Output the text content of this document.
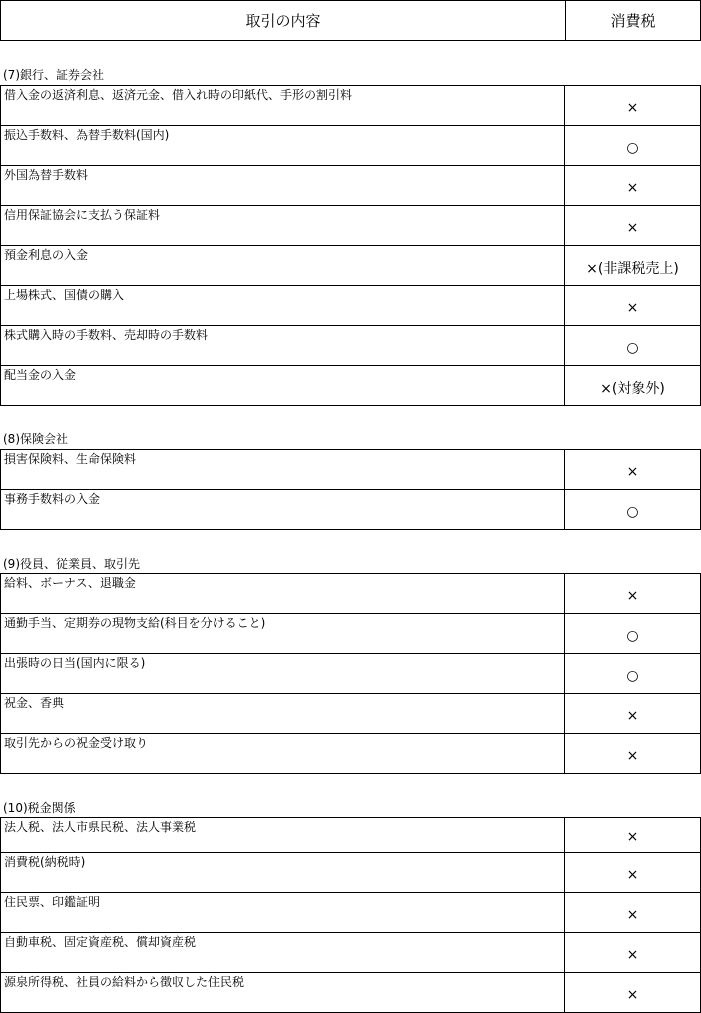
取引の内容	消費税
(7)銀行、証券会社
借入金の返済利息、返済元金、借入れ時の印紙代、手形の割引料
×
振込手数料、為替手数料(国内)
○
外国為替手数料
×
信用保証協会に支払う保証料
×
預金利息の入金
×(非課税売上)
上場株式、国債の購入
×
株式購入時の手数料、売却時の手数料
○
配当金の入金
×(対象外)
(8)保険会社
損害保険料、生命保険料
×
事務手数料の入金
○
(9)役員、従業員、取引先
給料、ボーナス、退職金
×
通勤手当、定期券の現物支給(科目を分けること)
○
出張時の日当(国内に限る)
○
祝金、香典
×
取引先からの祝金受け取り
×
(10)税金関係
法人税、法人市県民税、法人事業税
×
消費税(納税時)
×
住民票、印鑑証明
×
自動車税、固定資産税、償却資産税
×
源泉所得税、社員の給料から徴収した住民税
×
